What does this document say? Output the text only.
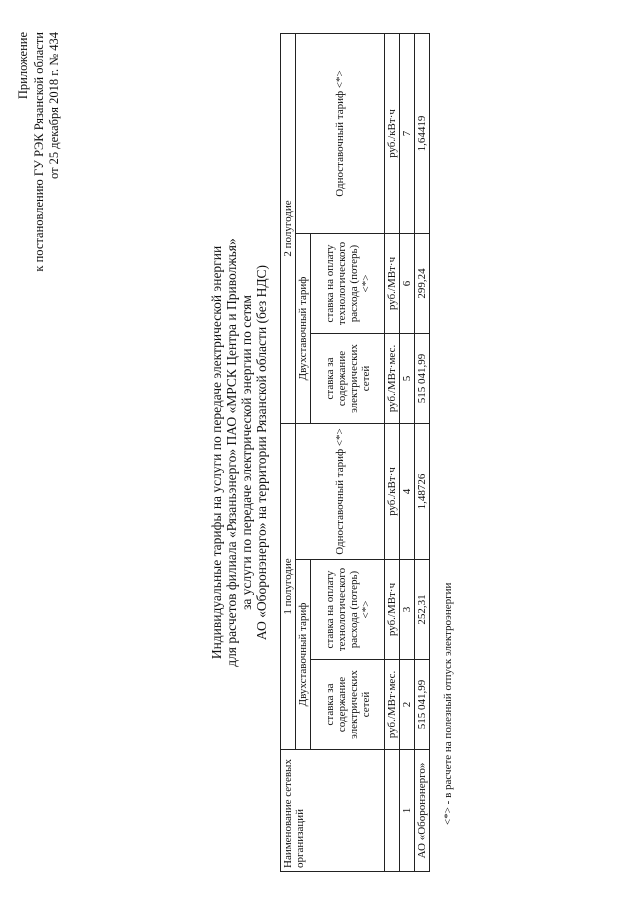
Приложение к постановлению ГУ РЭК Рязанской области от 25 декабря 2018 г. № 434
Индивидуальные тарифы на услуги по передаче электрической энергии для расчетов филиала «Рязаньэнерго» ПАО «МРСК Центра и Приволжья» за услуги по передаче электрической энергии по сетям АО «Оборонэнерго» на территории Рязанской области (без НДС)
Наименование сетевых организаций	1 полугодие			2 полугодие		
	Двухставочный тариф		Одноставочный тариф <*>	Двухставочный тариф		Одноставочный тариф <*>
	ставка за содержание электрических сетей	ставка на оплату технологического расхода (потерь) <*>		ставка за содержание электрических сетей	ставка на оплату технологического расхода (потерь) <*>	
	руб./МВт·мес.	руб./МВт·ч	руб./кВт·ч	руб./МВт·мес.	руб./МВт·ч	руб./кВт·ч
1	2	3	4	5	6	7
АО «Оборонэнерго»	515 041,99	252,31	1,48726	515 041,99	299,24	1,64419
<*> - в расчете на полезный отпуск электроэнергии
